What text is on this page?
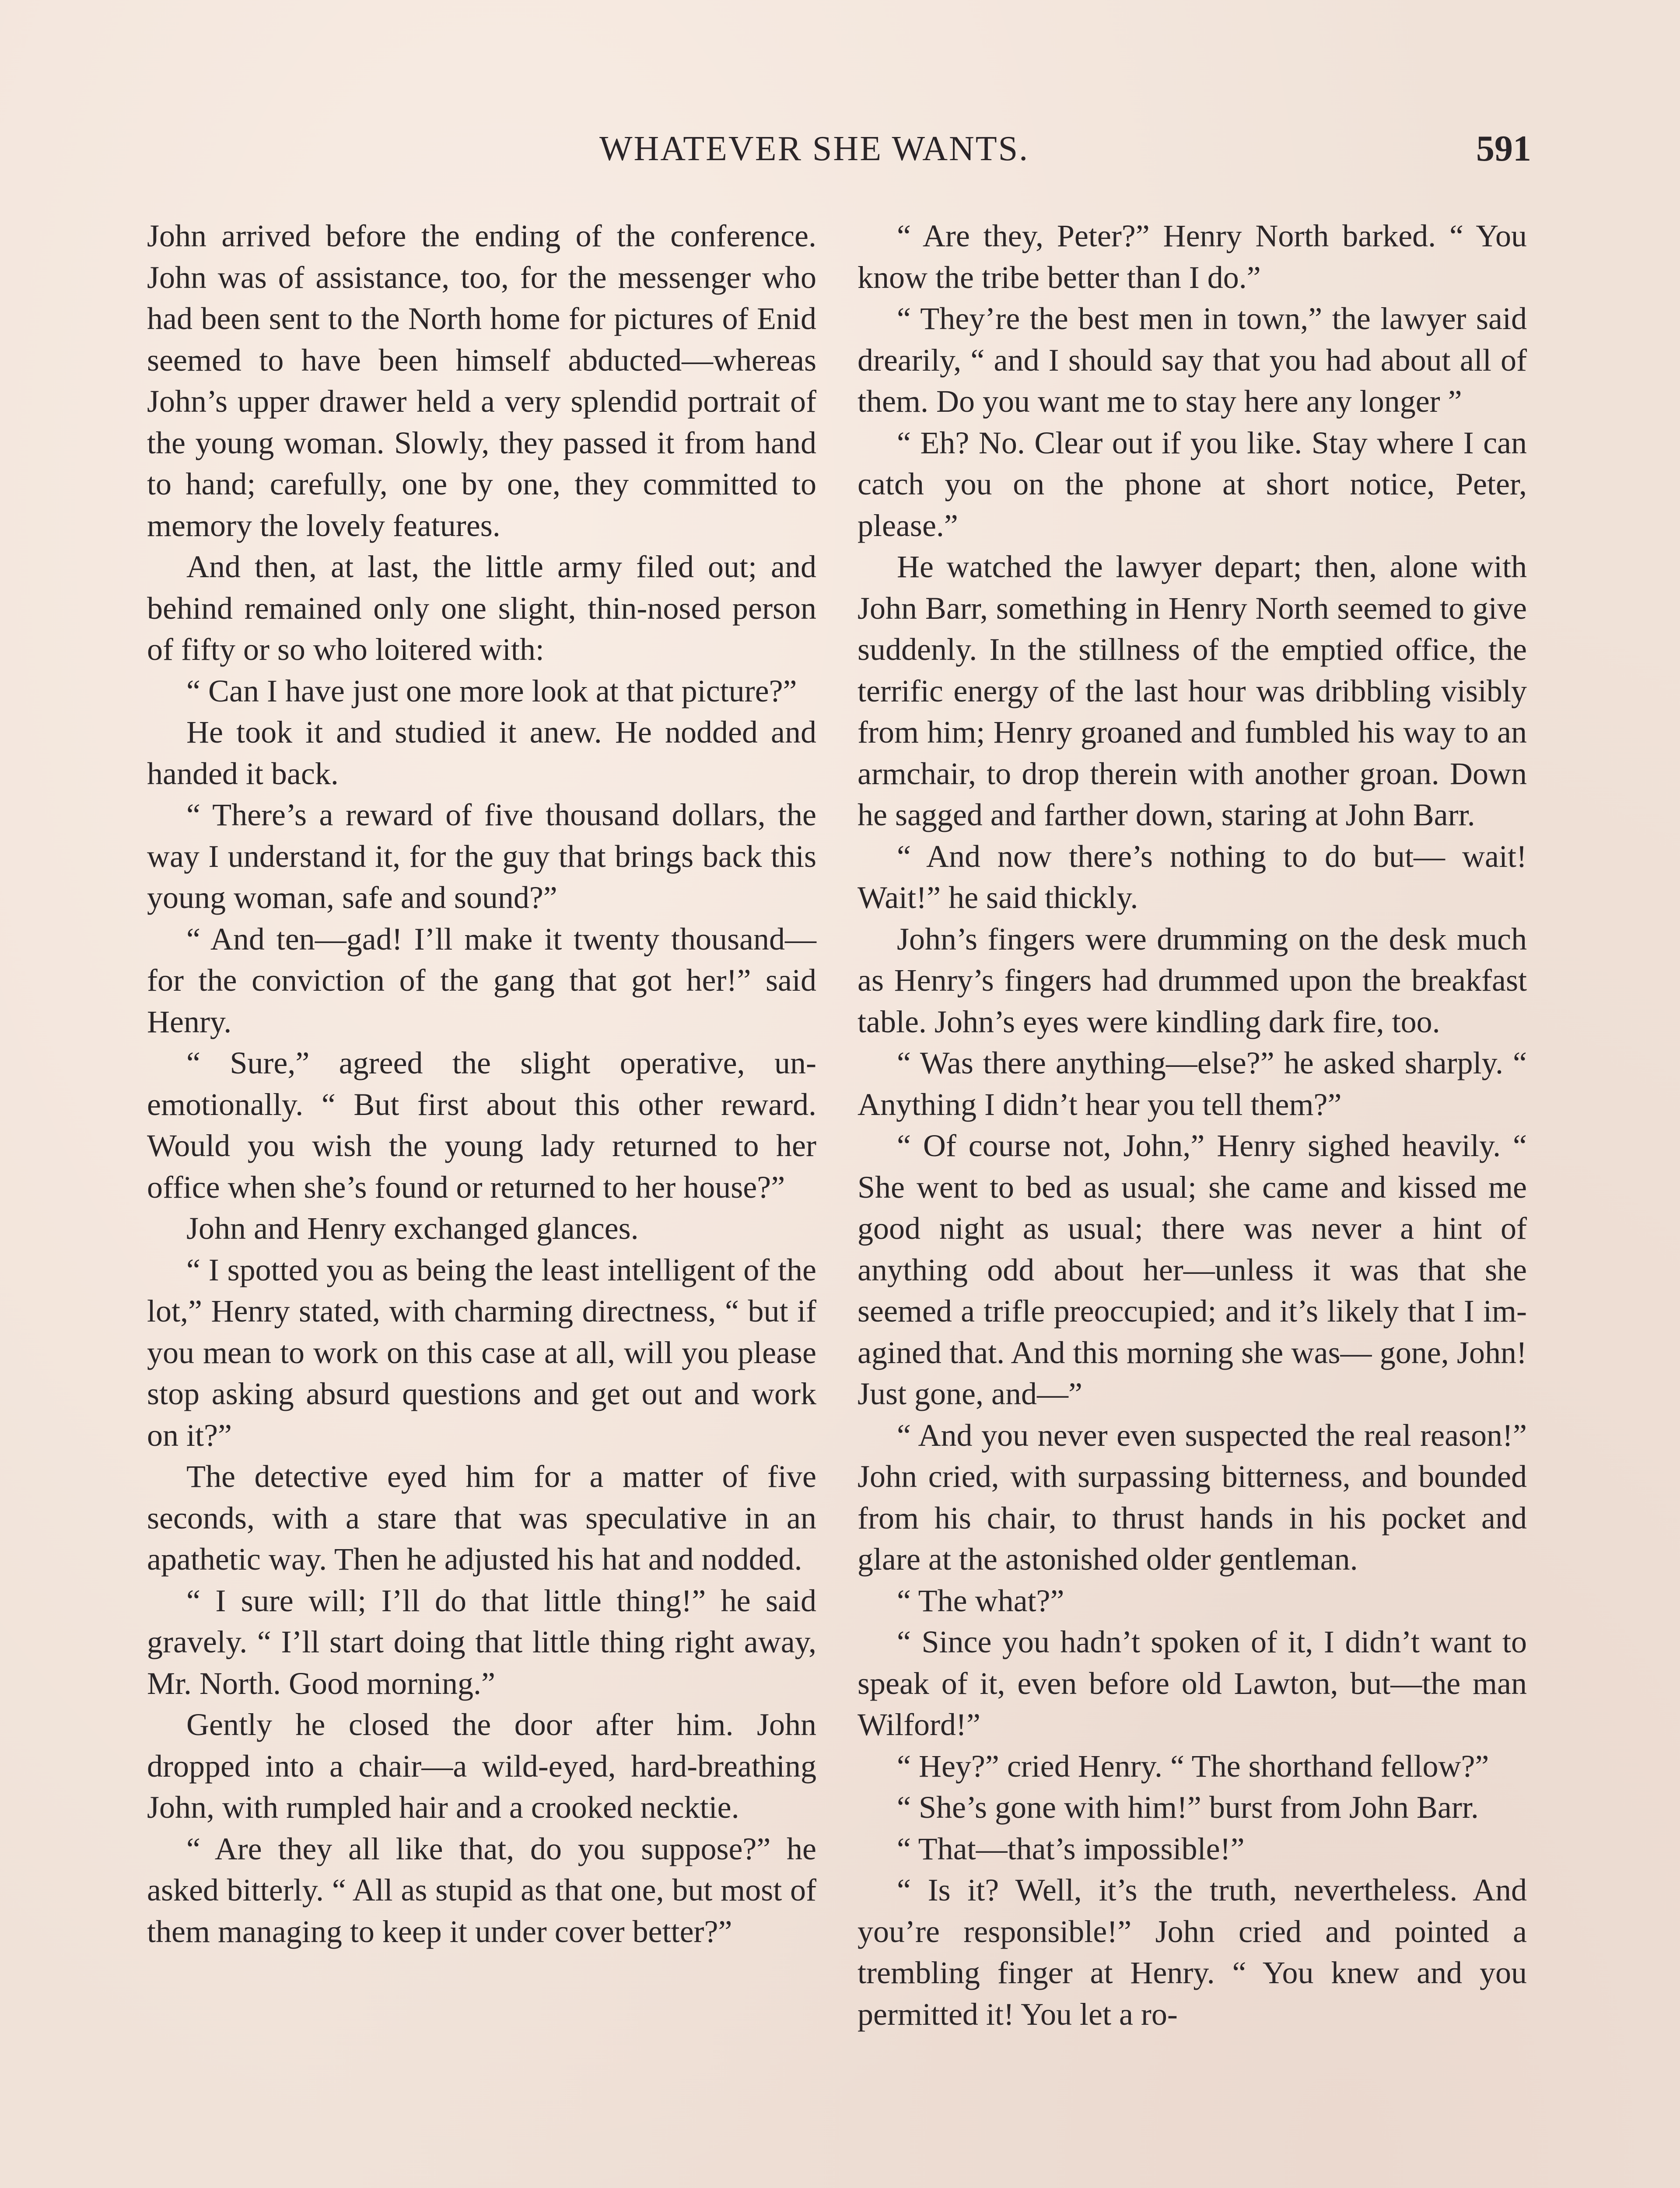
WHATEVER SHE WANTS.	591

John arrived before the ending of the conference. John was of assistance, too, for the messenger who had been sent to the North home for pictures of Enid seemed to have been himself abducted—whereas John’s upper drawer held a very splendid portrait of the young woman. Slowly, they passed it from hand to hand; carefully, one by one, they committed to memory the lovely features.

And then, at last, the little army filed out; and behind remained only one slight, thin-nosed person of fifty or so who loitered with:

“ Can I have just one more look at that picture?”

He took it and studied it anew. He nodded and handed it back.

“ There’s a reward of five thousand dollars, the way I understand it, for the guy that brings back this young woman, safe and sound?”

“ And ten—gad! I’ll make it twenty thousand—for the conviction of the gang that got her!” said Henry.

“ Sure,” agreed the slight operative, unemotionally. “ But first about this other reward. Would you wish the young lady returned to her office when she’s found or returned to her house?”

John and Henry exchanged glances.

“ I spotted you as being the least intelligent of the lot,” Henry stated, with charming directness, “ but if you mean to work on this case at all, will you please stop asking absurd questions and get out and work on it?”

The detective eyed him for a matter of five seconds, with a stare that was speculative in an apathetic way. Then he adjusted his hat and nodded.

“ I sure will; I’ll do that little thing!” he said gravely. “ I’ll start doing that little thing right away, Mr. North. Good morning.”

Gently he closed the door after him. John dropped into a chair—a wild-eyed, hard-breathing John, with rumpled hair and a crooked necktie.

“ Are they all like that, do you suppose?” he asked bitterly. “ All as stupid as that one, but most of them managing to keep it under cover better?”

“ Are they, Peter?” Henry North barked. “ You know the tribe better than I do.”

“ They’re the best men in town,” the lawyer said drearily, “ and I should say that you had about all of them. Do you want me to stay here any longer ”

“ Eh? No. Clear out if you like. Stay where I can catch you on the phone at short notice, Peter, please.”

He watched the lawyer depart; then, alone with John Barr, something in Henry North seemed to give suddenly. In the stillness of the emptied office, the terrific energy of the last hour was dribbling visibly from him; Henry groaned and fumbled his way to an armchair, to drop therein with another groan. Down he sagged and farther down, staring at John Barr.

“ And now there’s nothing to do but— wait! Wait!” he said thickly.

John’s fingers were drumming on the desk much as Henry’s fingers had drummed upon the breakfast table. John’s eyes were kindling dark fire, too.

“ Was there anything—else?” he asked sharply. “ Anything I didn’t hear you tell them?”

“ Of course not, John,” Henry sighed heavily. “ She went to bed as usual; she came and kissed me good night as usual; there was never a hint of anything odd about her—unless it was that she seemed a trifle preoccupied; and it’s likely that I imagined that. And this morning she was— gone, John! Just gone, and—”

“ And you never even suspected the real reason!” John cried, with surpassing bitterness, and bounded from his chair, to thrust hands in his pocket and glare at the astonished older gentleman.

“ The what?”

“ Since you hadn’t spoken of it, I didn’t want to speak of it, even before old Lawton, but—the man Wilford!”

“ Hey?” cried Henry. “ The shorthand fellow?”

“ She’s gone with him!” burst from John Barr.

“ That—that’s impossible!”

“ Is it? Well, it’s the truth, nevertheless. And you’re responsible!” John cried and pointed a trembling finger at Henry. “ You knew and you permitted it! You let a ro-
